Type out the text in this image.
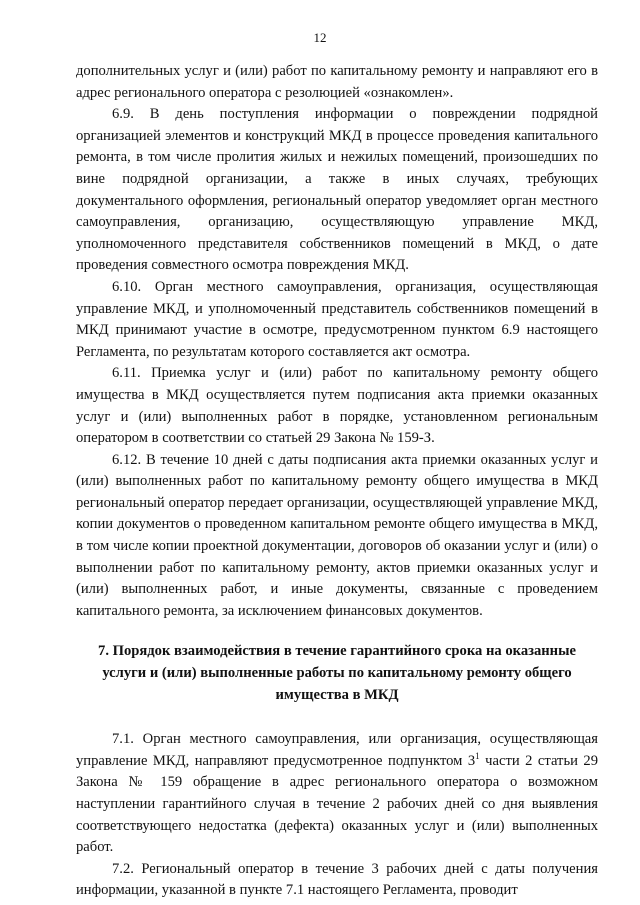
12

дополнительных услуг и (или) работ по капитальному ремонту и направляют его в адрес регионального оператора с резолюцией «ознакомлен».

6.9. В день поступления информации о повреждении подрядной организацией элементов и конструкций МКД в процессе проведения капитального ремонта, в том числе пролития жилых и нежилых помещений, произошедших по вине подрядной организации, а также в иных случаях, требующих документального оформления, региональный оператор уведомляет орган местного самоуправления, организацию, осуществляющую управление МКД, уполномоченного представителя собственников помещений в МКД, о дате проведения совместного осмотра повреждения МКД.

6.10. Орган местного самоуправления, организация, осуществляющая управление МКД, и уполномоченный представитель собственников помещений в МКД принимают участие в осмотре, предусмотренном пунктом 6.9 настоящего Регламента, по результатам которого составляется акт осмотра.

6.11. Приемка услуг и (или) работ по капитальному ремонту общего имущества в МКД осуществляется путем подписания акта приемки оказанных услуг и (или) выполненных работ в порядке, установленном региональным оператором в соответствии со статьей 29 Закона № 159-З.

6.12. В течение 10 дней с даты подписания акта приемки оказанных услуг и (или) выполненных работ по капитальному ремонту общего имущества в МКД региональный оператор передает организации, осуществляющей управление МКД, копии документов о проведенном капитальном ремонте общего имущества в МКД, в том числе копии проектной документации, договоров об оказании услуг и (или) о выполнении работ по капитальному ремонту, актов приемки оказанных услуг и (или) выполненных работ, и иные документы, связанные с проведением капитального ремонта, за исключением финансовых документов.

7. Порядок взаимодействия в течение гарантийного срока на оказанные услуги и (или) выполненные работы по капитальному ремонту общего имущества в МКД

7.1. Орган местного самоуправления, или организация, осуществляющая управление МКД, направляют предусмотренное подпунктом $3^1$ части 2 статьи 29 Закона № 159 обращение в адрес регионального оператора о возможном наступлении гарантийного случая в течение 2 рабочих дней со дня выявления соответствующего недостатка (дефекта) оказанных услуг и (или) выполненных работ.

7.2. Региональный оператор в течение 3 рабочих дней с даты получения информации, указанной в пункте 7.1 настоящего Регламента, проводит
